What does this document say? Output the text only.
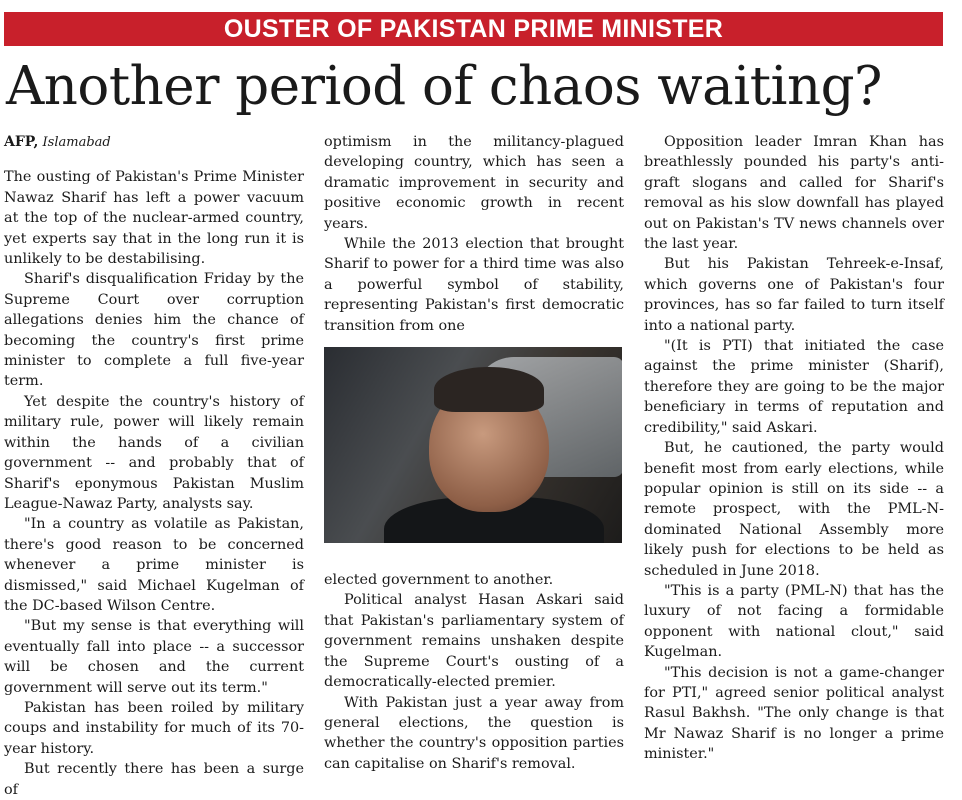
OUSTER OF PAKISTAN PRIME MINISTER
Another period of chaos waiting?
AFP, Islamabad

The ousting of Pakistan's Prime Minister Nawaz Sharif has left a power vacuum at the top of the nuclear-armed country, yet experts say that in the long run it is unlikely to be destabilising.

Sharif's disqualification Friday by the Supreme Court over corruption allegations denies him the chance of becoming the country's first prime minister to complete a full five-year term.

Yet despite the country's history of military rule, power will likely remain within the hands of a civilian government -- and probably that of Sharif's eponymous Pakistan Muslim League-Nawaz Party, analysts say.

"In a country as volatile as Pakistan, there's good reason to be concerned whenever a prime minister is dismissed," said Michael Kugelman of the DC-based Wilson Centre.

"But my sense is that everything will eventually fall into place -- a successor will be chosen and the current government will serve out its term."

Pakistan has been roiled by military coups and instability for much of its 70-year history.

But recently there has been a surge of

optimism in the militancy-plagued developing country, which has seen a dramatic improvement in security and positive economic growth in recent years.

While the 2013 election that brought Sharif to power for a third time was also a powerful symbol of stability, representing Pakistan's first democratic transition from one

elected government to another.

Political analyst Hasan Askari said that Pakistan's parliamentary system of government remains unshaken despite the Supreme Court's ousting of a democratically-elected premier.

With Pakistan just a year away from general elections, the question is whether the country's opposition parties can capitalise on Sharif's removal.

Opposition leader Imran Khan has breathlessly pounded his party's anti-graft slogans and called for Sharif's removal as his slow downfall has played out on Pakistan's TV news channels over the last year.

But his Pakistan Tehreek-e-Insaf, which governs one of Pakistan's four provinces, has so far failed to turn itself into a national party.

"(It is PTI) that initiated the case against the prime minister (Sharif), therefore they are going to be the major beneficiary in terms of reputation and credibility," said Askari.

But, he cautioned, the party would benefit most from early elections, while popular opinion is still on its side -- a remote prospect, with the PML-N-dominated National Assembly more likely push for elections to be held as scheduled in June 2018.

"This is a party (PML-N) that has the luxury of not facing a formidable opponent with national clout," said Kugelman.

"This decision is not a game-changer for PTI," agreed senior political analyst Rasul Bakhsh. "The only change is that Mr Nawaz Sharif is no longer a prime minister."
